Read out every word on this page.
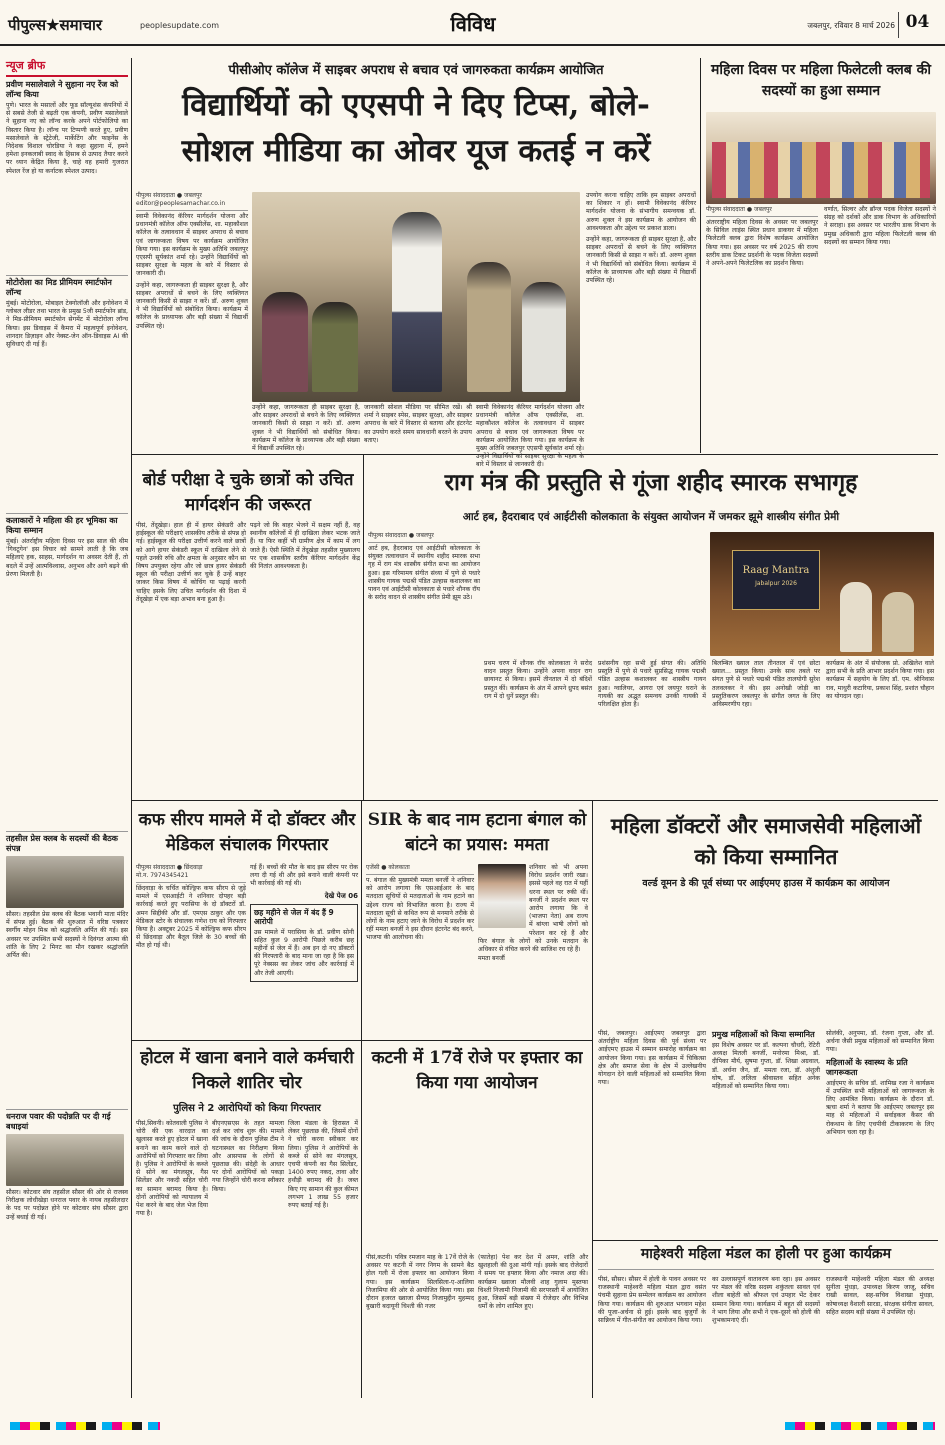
पीपुल्स★समाचार	peoplesupdate.com	विविध	जबलपुर, रविवार 8 मार्च 2026 04
न्यूज ब्रीफ
प्रवीण मसालेवाले ने सुहाना नए रेंज को लॉन्च किया
पुणे। भारत के मसालों और फूड सॉल्यूशंस कंपनियों में से सबसे तेजी से बढ़ती एक कंपनी, प्रवीण मसालेवाले ने सुहाना नए को लॉन्च करके अपने पोर्टफोलियो का विस्तार किया है। लॉन्च पर टिप्पणी करते हुए, प्रवीण मसालेवाले के स्ट्रेटेजी, मार्केटिंग और फाइनेंस के निदेशक विशाल चोरडिया ने कहा सुहाना में, हमने हमेशा इनकलाबी स्वाद के हिसाब से उत्पाद तैयार करने पर ध्यान केंद्रित किया है, चाहे वह हमारी गुजरात स्पेशल रेंज हो या कर्नाटक स्पेशल उत्पाद।
मोटोरोला का मिड प्रीमियम स्मार्टफोन लॉन्च
मुंबई। मोटोरोला, मोबाइल टेक्नोलॉजी और इनोवेशन में ग्लोबल लीडर तथा भारत के प्रमुख 5जी स्मार्टफोन ब्रांड, ने मिड-प्रीमियम स्मार्टफोन सेगमेंट में मोटोरोला लॉन्च किया। इस डिवाइस में कैमरा में महत्वपूर्ण इनोवेशन, शानदार डिज़ाइन और नेक्स्ट-जेन ऑन-डिवाइस AI की सुविधाएं दी गई हैं।
कलाकारों ने महिला की हर भूमिका का किया सम्मान
मुंबई। अंतर्राष्ट्रीय महिला दिवस पर इस साल की थीम 'गिवटूगेन' इस विचार को सामने लाती है कि जब महिलाएं हक, साहस, मार्गदर्शन या अवसर देती हैं, तो बदले में उन्हें आत्मविश्वास, अनुभव और आगे बढ़ने की प्रेरणा मिलती है।
तहसील प्रेस क्लब के सदस्यों की बैठक संपन्न
सौसर। तहसील प्रेस क्लब की बैठक भवानी माता मंदिर में संपन्न हुई। बैठक की शुरुआत में वरिष्ठ पत्रकार स्वर्गीय मोहन मिश्र को श्रद्धांजलि अर्पित की गई। इस अवसर पर उपस्थित सभी सदस्यों ने दिवंगत आत्मा की शांति के लिए 2 मिनट का मौन रखकर श्रद्धांजलि अर्पित की।
धनराज पवार की पदोन्नति पर दी गई बधाइयां
सौसर। कोटवार संघ तहसील सौसर की ओर से राजस्व निरीक्षक लोधीखेड़ा धनराज पवार के नायब तहसीलदार के पद पर पदोन्नत होने पर कोटवार संघ सौसर द्वारा उन्हें बधाई दी गई।
पीसीओए कॉलेज में साइबर अपराध से बचाव एवं जागरुकता कार्यक्रम आयोजित
विद्यार्थियों को एएसपी ने दिए टिप्स, बोले-
सोशल मीडिया का ओवर यूज कतई न करें
पीपुल्स संवाददाता ● जबलपुर
editor@peoplesamachar.co.in
स्वामी विवेकानंद कॅरियर मार्गदर्शन योजना और प्रधानमंत्री कॉलेज ऑफ एक्सीलेंस, शा. महाकौशल कॉलेज के तत्वावधान में साइबर अपराध से बचाव एवं जागरूकता विषय पर कार्यक्रम आयोजित किया गया। इस कार्यक्रम के मुख्य अतिथि जबलपुर एएसपी सूर्यकांत शर्मा रहे। उन्होंने विद्यार्थियों को साइबर सुरक्षा के महत्व के बारे में विस्तार से जानकारी दी।
उन्होंने कहा, जागरूकता ही साइबर सुरक्षा है, और साइबर अपराधों से बचने के लिए व्यक्तिगत जानकारी किसी से साझा न करें। डॉ. अरुण शुक्ल ने भी विद्यार्थियों को संबोधित किया। कार्यक्रम में कॉलेज के प्राध्यापक और बड़ी संख्या में विद्यार्थी उपस्थित रहे।
उन्होंने कहा, जागरूकता ही साइबर सुरक्षा है, और साइबर अपराधों से बचने के लिए व्यक्तिगत जानकारी किसी से साझा न करें। डॉ. अरुण शुक्ल ने भी विद्यार्थियों को संबोधित किया। कार्यक्रम में कॉलेज के प्राध्यापक और बड़ी संख्या में विद्यार्थी उपस्थित रहे।
जानकारी सोशल मीडिया पर सीमित रखें। श्री शर्मा ने साइबर स्पेस, साइबर सुरक्षा, और साइबर अपराध के बारे में विस्तार से बताया और इंटरनेट का उपयोग करते समय सावधानी बरतने के उपाय बताए।
स्वामी विवेकानंद कॅरियर मार्गदर्शन योजना और प्रधानमंत्री कॉलेज ऑफ एक्सीलेंस, शा. महाकौशल कॉलेज के तत्वावधान में साइबर अपराध से बचाव एवं जागरूकता विषय पर कार्यक्रम आयोजित किया गया। इस कार्यक्रम के मुख्य अतिथि जबलपुर एएसपी सूर्यकांत शर्मा रहे। उन्होंने विद्यार्थियों को साइबर सुरक्षा के महत्व के बारे में विस्तार से जानकारी दी।
उपयोग करना चाहिए ताकि हम साइबर अपराधों का शिकार न हों। स्वामी विवेकानंद कॅरियर मार्गदर्शन योजना के संभागीय समन्वयक डॉ. अरुण शुक्ल ने इस कार्यक्रम के आयोजन की आवश्यकता और उद्देश्य पर प्रकाश डाला।
उन्होंने कहा, जागरूकता ही साइबर सुरक्षा है, और साइबर अपराधों से बचने के लिए व्यक्तिगत जानकारी किसी से साझा न करें। डॉ. अरुण शुक्ल ने भी विद्यार्थियों को संबोधित किया। कार्यक्रम में कॉलेज के प्राध्यापक और बड़ी संख्या में विद्यार्थी उपस्थित रहे।
महिला दिवस पर महिला फिलेटली क्लब की सदस्यों का हुआ सम्मान
पीपुल्स संवाददाता ● जबलपुर
अंतरराष्ट्रीय महिला दिवस के अवसर पर जबलपुर के सिविल लाइंस स्थित प्रधान डाकघर में महिला फिलेटली क्लब द्वारा विशेष कार्यक्रम आयोजित किया गया। इस अवसर पर वर्ष 2025 की राज्य स्तरीय डाक टिकट प्रदर्शनी के पदक विजेता सदस्यों ने अपने-अपने फिलेटलिक का प्रदर्शन किया।
वर्णात, सिल्वर और ब्रॉन्ज पदक विजेता सदस्यों ने संग्रह को दर्शकों और डाक विभाग के अधिकारियों ने सराहा। इस अवसर पर भारतीय डाक विभाग के प्रमुख अधिकारी द्वारा महिला फिलेटली क्लब की सदस्यों का सम्मान किया गया।
बोर्ड परीक्षा दे चुके छात्रों को उचित मार्गदर्शन की जरूरत
पीसं, तेंदूखेड़ा। हाल ही में हायर सेकंडरी और हाईस्कूल की परीक्षाएं शासकीय तरीके से संपन्न हो गई। हाईस्कूल की परीक्षा उत्तीर्ण करने वाले छात्रों को आगे हायर सेकंडरी स्कूल में दाखिला लेने से पहले उनकी रुचि और क्षमता के अनुसार कौन सा विषय उपयुक्त रहेगा और जो छात्र हायर सेकंडरी स्कूल की परीक्षा उत्तीर्ण कर चुके हैं उन्हें बाहर जाकर किस विषय में कोचिंग या पढ़ाई करनी चाहिए इसके लिए उचित मार्गदर्शन की दिशा में तेंदूखेड़ा में एक बड़ा अभाव बना हुआ है।
पढ़ने जो कि बाहर भेजने में सक्षम नहीं हैं, वह स्थानीय कॉलेजों में ही दाखिला लेकर भटक जाते हैं। या फिर कहीं भी ग्रामीण क्षेत्र में काम में लग जाते हैं। ऐसी स्थिति में तेंदूखेड़ा तहसील मुख्यालय पर एक शासकीय स्तरीय कॅरियर मार्गदर्शन केंद्र की नितांत आवश्यकता है।
राग मंत्र की प्रस्तुति से गूंजा शहीद स्मारक सभागृह
आर्ट हब, हैदराबाद एवं आईटीसी कोलकाता के संयुक्त आयोजन में जमकर झूमे शास्त्रीय संगीत प्रेमी
पीपुल्स संवाददाता ● जबलपुर
आर्ट हब, हैदराबाद एवं आईटीसी कोलकाता के संयुक्त तत्वावधान में स्थानीय शहीद स्मारक सभा गृह में राग मंत्र शास्त्रीय संगीत सभा का आयोजन हुआ। इस गरिमामय संगीत संध्या में पुणे से पधारे शास्त्रीय गायक पद्मश्री पंडित उल्हास कशालकर का पावन एवं आईटीसी कोलकाता से पधारे शौनक रॉय के सरोद वादन से शास्त्रीय संगीत प्रेमी झूम उठे।
Raag Mantra
Jabalpur 2026
प्रथम चरण में शौनक रॉय कोलकाता ने सरोद वादन प्रस्तुत किया। उन्होंने अपना वादन राग छायानट से किया। इसमें तीनताल में दो बंदिशें प्रस्तुत कीं। कार्यक्रम के अंत में आपने ध्रुपद बसंत राग में दो धुनें प्रस्तुत की।
प्रशंसनीय रहा सभी हुई संगत की। अतिथि प्रस्तुति में पुणे से पधारे सुप्रसिद्ध गायक पद्मश्री पंडित उल्हास कशालकर का शास्त्रीय गायन हुआ। ग्वालियर, आगरा एवं जयपुर घराने के गायकी का अद्भुत समन्वय उनकी गायकी में परिलक्षित होता है।
बिलम्बित ख्याल ताल तीनताल में एवं छोटा ख्याल... प्रस्तुत किया। उनके साथ तबले पर संगत पुणे से पधारे पद्मश्री पंडित तालयोगी सुरेश तलवलकर ने की। इस अनोखी जोड़ी का प्रस्तुतिकरण जबलपुर के संगीत जगत के लिए अविस्मरणीय रहा।
कार्यक्रम के अंत में संयोजक प्रो. अखिलेश वाले द्वारा सभी के प्रति आभार प्रदर्शन किया गया। इस कार्यक्रम में सहयोग के लिए डॉ. एम. श्रीनिवास राव, माधुरी कटारिया, प्रकाश सिंह, प्रशांत चौहान का योगदान रहा।
कफ सीरप मामले में दो डॉक्टर और मेडिकल संचालक गिरफ्तार
पीपुल्स संवाददाता ● छिंदवाड़ा
मो.न. 7974345421
छिंदवाड़ा के चर्चित कोल्ड्रिफ कफ सीरप से जुड़े मामले में एसआईटी ने शनिवार दोपहर बड़ी कार्रवाई करते हुए परासिया के दो डॉक्टरों डॉ. अमन सिद्दीकी और डॉ. एमएस ठाकुर और एक मेडिकल स्टोर के संचालक गणेश राय को गिरफ्तार किया है। अक्टूबर 2025 में कोल्ड्रिफ कफ सीरप से छिंदवाड़ा और बैतूल जिले के 30 बच्चों की मौत हो गई थी।
गई हैं। बच्चों की मौत के बाद इस सीरप पर रोक लगा दी गई थी और इसे बनाने वाली कंपनी पर भी कार्रवाई की गई थी।
देखे पेज 06
छह महीने से जेल में बंद हैं 9 आरोपी
उस मामले में परासिया के डॉ. प्रवीण सोनी सहित कुल 9 आरोपी पिछले करीब छह महीनों से जेल में हैं। अब इन दो नए डॉक्टरों की गिरफ्तारी के बाद माना जा रहा है कि इस पूरे नेक्सस का लेकर जांच और कार्रवाई में और तेजी आएगी।
SIR के बाद नाम हटाना बंगाल को बांटने का प्रयास: ममता
एजेंसी ● कोलकाता
प. बंगाल की मुख्यमंत्री ममता बनर्जी ने शनिवार को आरोप लगाया कि एसआईआर के बाद मतदाता सूचियों से मतदाताओं के नाम हटाने का उद्देश्य राज्य को विभाजित करना है। राज्य में मतदाता सूची से कथित रूप से मनमाने तरीके से लोगों के नाम हटाए जाने के विरोध में प्रदर्शन कर रहीं ममता बनर्जी ने इस दौरान इंटरनेट बंद करने, भाजपा की आलोचना की।
शनिवार को भी अपना विरोध प्रदर्शन जारी रखा। इससे पहले वह रात में यहीं धरना स्थल पर रुकी थीं। बनर्जी ने प्रदर्शन स्थल पर आरोप लगाया कि वे (भाजपा नेता) अब राज्य में बांग्ला भाषी लोगों को परेशान कर रहे हैं और फिर बंगाल के लोगों को उनके मतदान के अधिकार से वंचित करने की साजिश रच रहे हैं।
ममता बनर्जी
होटल में खाना बनाने वाले कर्मचारी निकले शातिर चोर
पुलिस ने 2 आरोपियों को किया गिरफ्तार
पीसं,सिवनी। कोतवाली पुलिस ने चोरी की एक वारदात का खुलासा करते हुए होटल में खाना बनाने का काम करने वाले दो आरोपियों को गिरफ्तार कर लिया है। पुलिस ने आरोपियों के कब्जे से सोने का मंगलसूत्र, गैस सिलेंडर और नकदी सहित चोरी का सामान बरामद किया है। दोनों आरोपियों को न्यायालय में पेश करने के बाद जेल भेज दिया गया है।
बीएनएसएस के तहत मामला दर्ज कर जांच शुरू की। मामले की जांच के दौरान पुलिस टीम ने घटनास्थल का निरीक्षण किया और आसपास के लोगों से पूछताछ की। संदेही के आधार पर दोनों आरोपियों को पकड़ा गया जिन्होंने चोरी करना स्वीकार किया।
जिला मंडला के हिरासत में लेकर पूछताछ की, जिसमें दोनों ने चोरी करना स्वीकार कर लिया। पुलिस ने आरोपियों के कब्जे से सोने का मंगलसूत्र, एचपी कंपनी का गैस सिलेंडर, 1400 रुपए नकद, तावा और हथौड़ी बरामद की है। जब्त किए गए सामान की कुल कीमत लगभग 1 लाख 55 हजार रुपए बताई गई है।
कटनी में 17वें रोजे पर इफ्तार का किया गया आयोजन
पीसं,कटनी। पवित्र रमजान माह के 17वें रोजे के अवसर पर कटनी में नगर निगम के सामने बैठ होल गली में रोजा इफ्तार का आयोजन किया गया। इस कार्यक्रम सिलसिला-ए-आलिया निजामिया की ओर से आयोजित किया गया। इस दौरान हजरत ख्वाजा सैय्यद निजामुद्दीन मुहम्मद बुखारी बदायूनी चिश्ती की नजर
(फातेहा) पेश कर देश में अमन, शांति और खुशहाली की दुआ मांगी गई। इसके बाद रोजेदारों ने समय पर इफ्तार किया और नमाज अदा की। कार्यक्रम ख्वाजा मौलवी शाह गुलाम मुस्तफा चिश्ती निजामी निजामी की सरपरस्ती में आयोजित हुआ, जिसमें बड़ी संख्या में रोजेदार और विभिन्न धर्मों के लोग शामिल हुए।
महिला डॉक्टरों और समाजसेवी महिलाओं को किया सम्मानित
वर्ल्ड वूमन डे की पूर्व संध्या पर आईएमए हाउस में कार्यक्रम का आयोजन
पीसं, जबलपुर। आईएमए जबलपुर द्वारा अंतर्राष्ट्रीय महिला दिवस की पूर्व संध्या पर आईएमए हाउस में सम्मान समारोह कार्यक्रम का आयोजन किया गया। इस कार्यक्रम में चिकित्सा क्षेत्र और समाज सेवा के क्षेत्र में उल्लेखनीय योगदान देने वाली महिलाओं को सम्मानित किया गया।
प्रमुख महिलाओं को किया सम्मानित
इस विशेष अवसर पर डॉ. कल्पना चौधरी, रेटिरी अध्यक्ष मितली बनर्जी, मनोरमा मिश्रा, डॉ. दीपिका मौर्य, सुषमा गुप्ता, डॉ. शिखा अग्रवाल, डॉ. अर्चना जैन, डॉ. ममता रजा, डॉ. अंशुली घोष, डॉ. ललिता श्रीवास्तव सहित अनेक महिलाओं को सम्मानित किया गया।
सोलंकी, अनुपमा, डॉ. रंजना गुप्ता, और डॉ. अर्चना जैसी प्रमुख महिलाओं को सम्मानित किया गया।
महिलाओं के स्वास्थ्य के प्रति जागरूकता
आईएमए के सचिव डॉ. शामिख रजा ने कार्यक्रम में उपस्थित सभी महिलाओं को जागरूकता के लिए आमंत्रित किया। कार्यक्रम के दौरान डॉ. ऋचा शर्मा ने बताया कि आईएमए जबलपुर इस माह से महिलाओं में सर्वाइकल कैंसर की रोकथाम के लिए एचपीवी टीकाकरण के लिए अभियान चला रहा है।
माहेश्वरी महिला मंडल का होली पर हुआ कार्यक्रम
पीसं, सौसर। सौसर में होली के पावन अवसर पर राजस्थानी माहेश्वरी महिला मंडल द्वारा वसंत पंचमी सुहाना प्रेम सम्मेलन कार्यक्रम का आयोजन किया गया। कार्यक्रम की शुरुआत भगवान महेश की पूजा-अर्चना से हुई। इसके बाद बुजुर्गों के सान्निध्य में गीत-संगीत का आयोजन किया गया।
का उल्लासपूर्ण वातावरण बना रहा। इस अवसर पर मंडल की वरिष्ठ सदस्य शकुंतला सावल एवं शीला बाहेती को श्रीफल एवं उपहार भेंट देकर सम्मान किया गया। कार्यक्रम में बहुत सी सदस्यों ने भाग लिया और सभी ने एक-दूसरे को होली की शुभकामनाएं दीं।
राजस्थानी माहेश्वरी महिला मंडल की अध्यक्ष सुनीता मुंधड़ा, उपाध्यक्ष किरण जाजू, सचिव राखी सावल, सह-सचिव विशाखा मुंधड़ा, कोषाध्यक्ष वैशाली सारडा, संरक्षक संगीता सावल, सहित सदस्य बड़ी संख्या में उपस्थित रहे।
